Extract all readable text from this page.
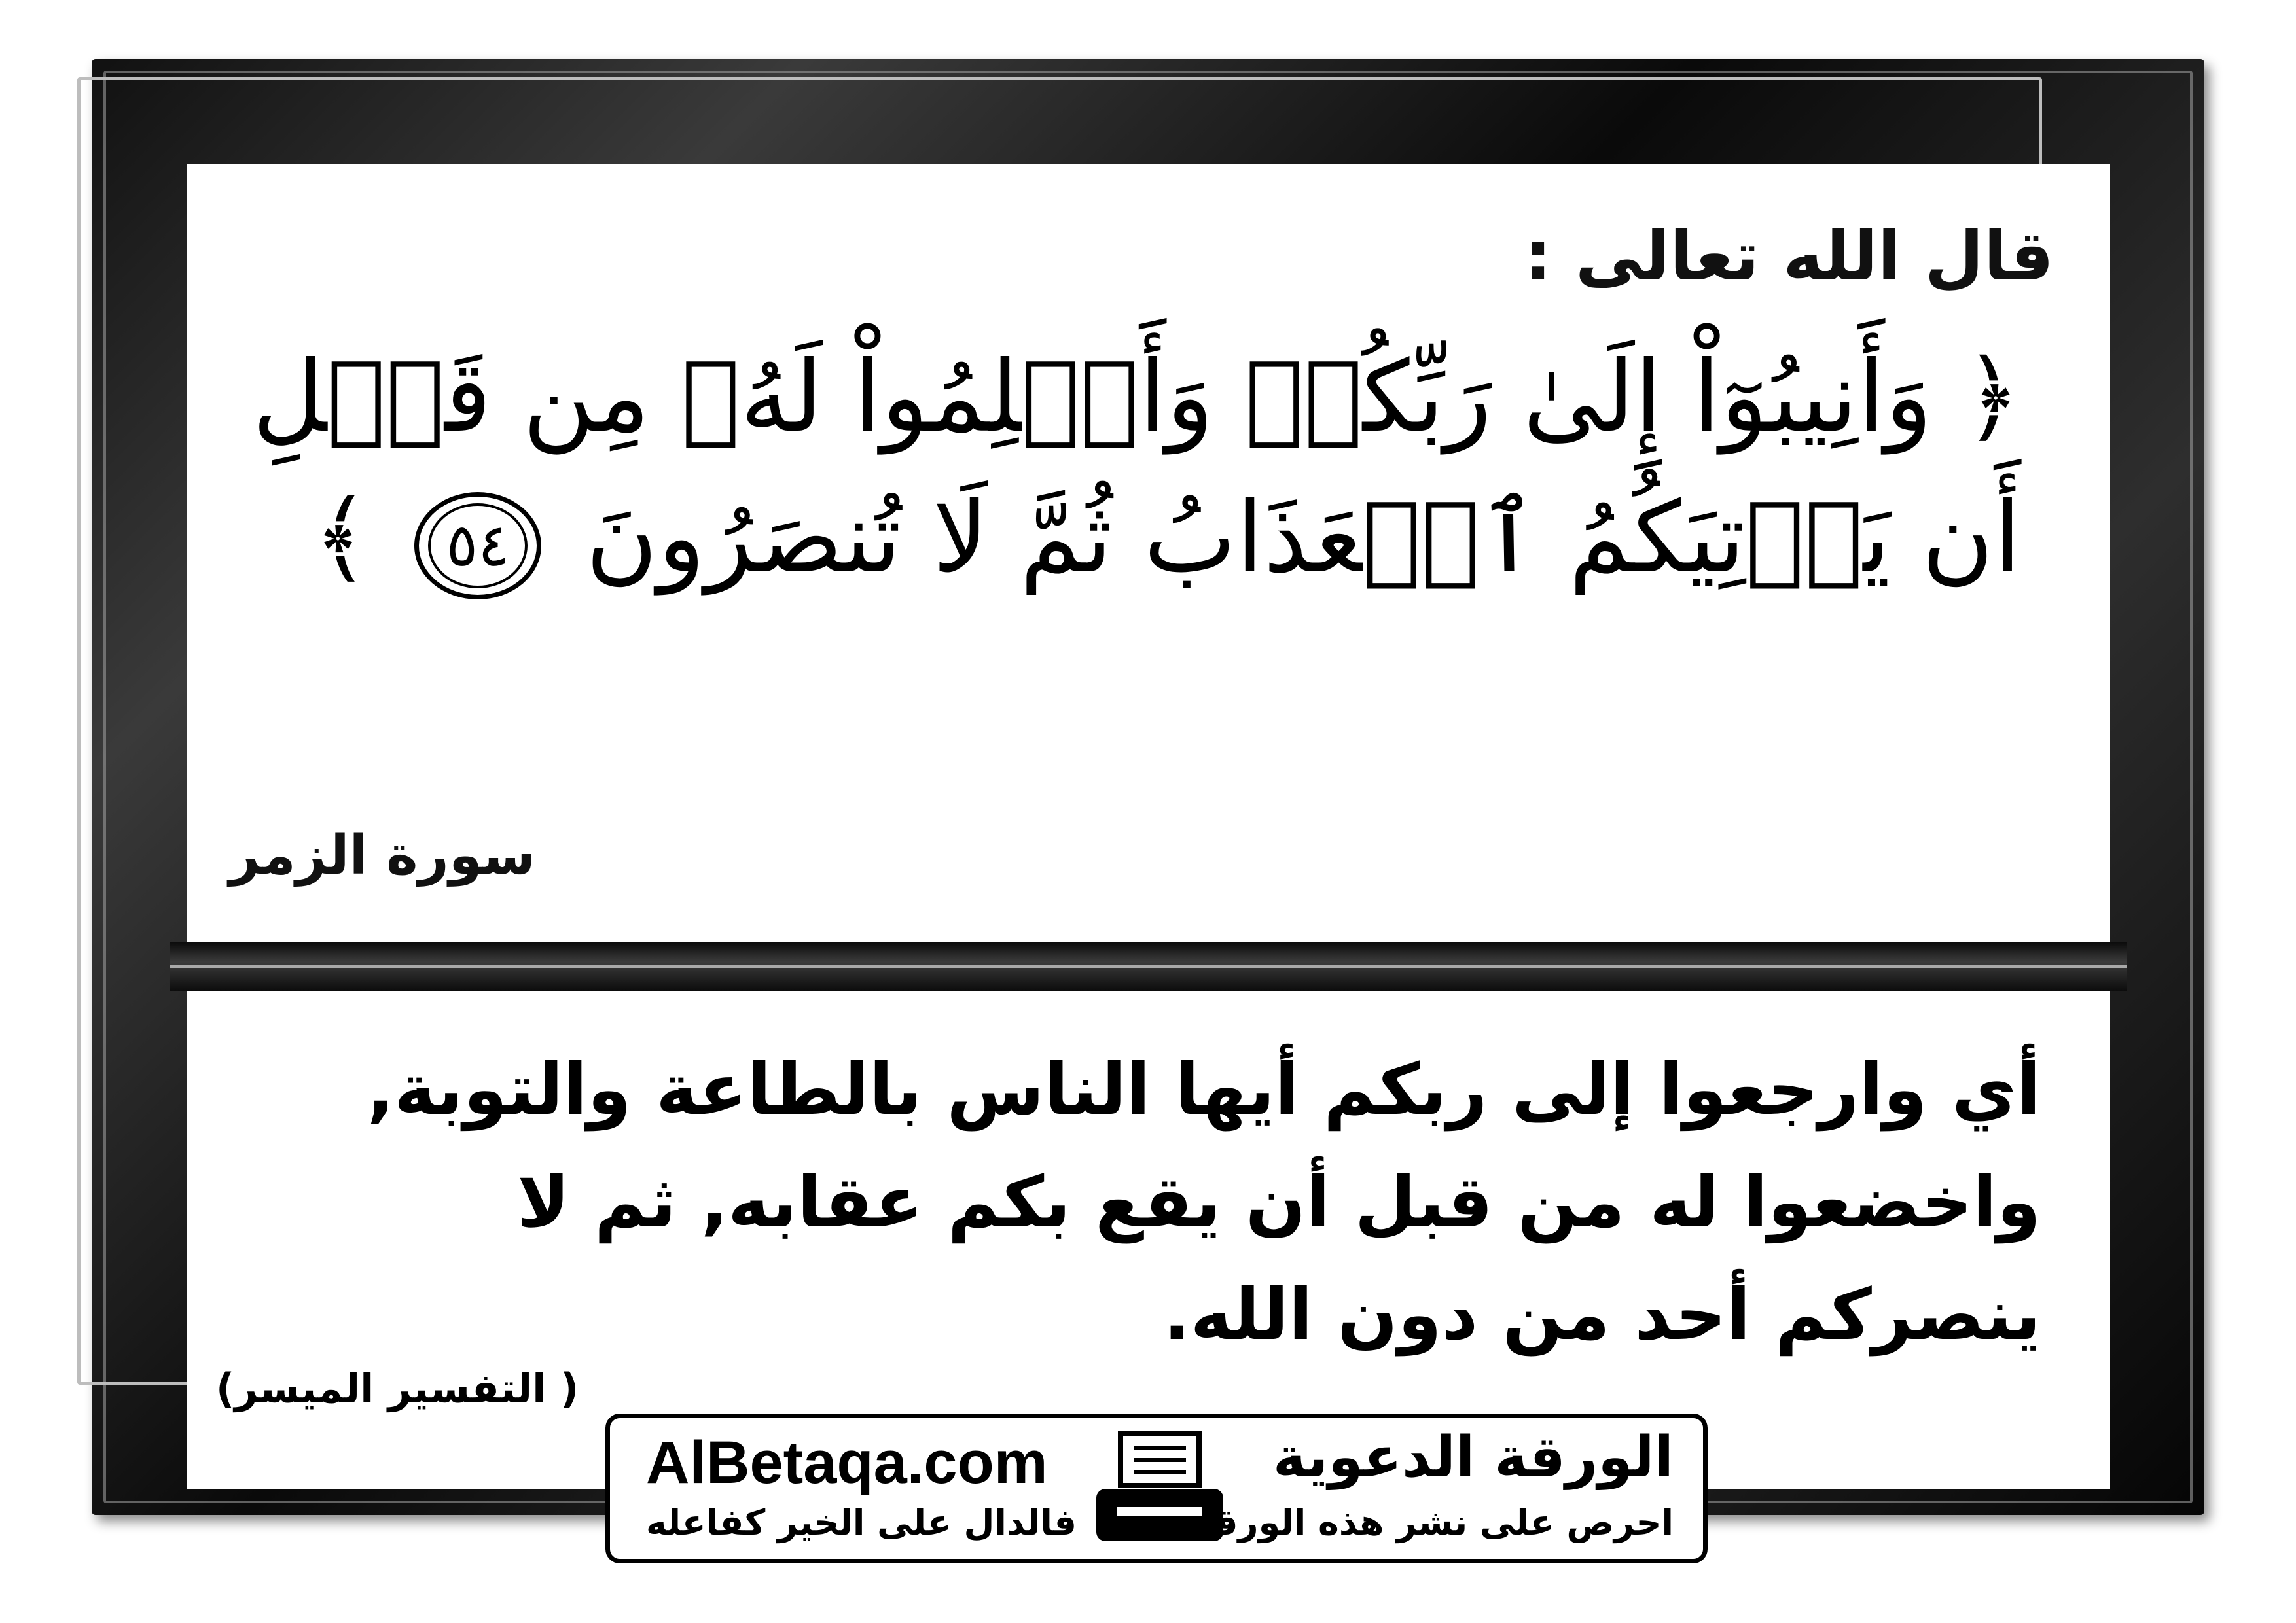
قال الله تعالى :
﴿ وَأَنِيبُوٓاْ إِلَىٰ رَبِّكُمۡ وَأَسۡلِمُواْ لَهُۥ مِن قَبۡلِ أَن يَأۡتِيَكُمُ ٱلۡعَذَابُ ثُمَّ لَا تُنصَرُونَ ٥٤ ﴾
سورة الزمر
أي وارجعوا إلى ربكم أيها الناس بالطاعة والتوبة, واخضعوا له من قبل أن يقع بكم عقابه, ثم لا ينصركم أحد من دون الله.
( التفسير الميسر)
AlBetaqa.com
فالدال على الخير كفاعله
الورقة الدعوية
احرص على نشر هذه الورقة
